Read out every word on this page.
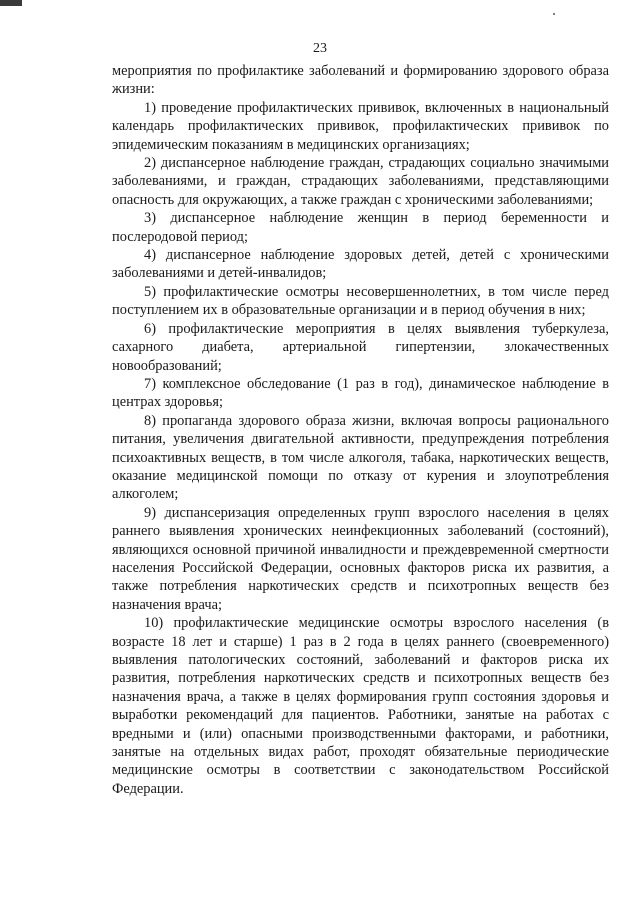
23

мероприятия по профилактике заболеваний и формированию здорового образа жизни:

1) проведение профилактических прививок, включенных в национальный календарь профилактических прививок, профилактических прививок по эпидемическим показаниям в медицинских организациях;

2) диспансерное наблюдение граждан, страдающих социально значимыми заболеваниями, и граждан, страдающих заболеваниями, представляющими опасность для окружающих, а также граждан с хроническими заболеваниями;

3) диспансерное наблюдение женщин в период беременности и послеродовой период;

4) диспансерное наблюдение здоровых детей, детей с хроническими заболеваниями и детей-инвалидов;

5) профилактические осмотры несовершеннолетних, в том числе перед поступлением их в образовательные организации и в период обучения в них;

6) профилактические мероприятия в целях выявления туберкулеза, сахарного диабета, артериальной гипертензии, злокачественных новообразований;

7) комплексное обследование (1 раз в год), динамическое наблюдение в центрах здоровья;

8) пропаганда здорового образа жизни, включая вопросы рационального питания, увеличения двигательной активности, предупреждения потребления психоактивных веществ, в том числе алкоголя, табака, наркотических веществ, оказание медицинской помощи по отказу от курения и злоупотребления алкоголем;

9) диспансеризация определенных групп взрослого населения в целях раннего выявления хронических неинфекционных заболеваний (состояний), являющихся основной причиной инвалидности и преждевременной смертности населения Российской Федерации, основных факторов риска их развития, а также потребления наркотических средств и психотропных веществ без назначения врача;

10) профилактические медицинские осмотры взрослого населения (в возрасте 18 лет и старше) 1 раз в 2 года в целях раннего (своевременного) выявления патологических состояний, заболеваний и факторов риска их развития, потребления наркотических средств и психотропных веществ без назначения врача, а также в целях формирования групп состояния здоровья и выработки рекомендаций для пациентов. Работники, занятые на работах с вредными и (или) опасными производственными факторами, и работники, занятые на отдельных видах работ, проходят обязательные периодические медицинские осмотры в соответствии с законодательством Российской Федерации.
